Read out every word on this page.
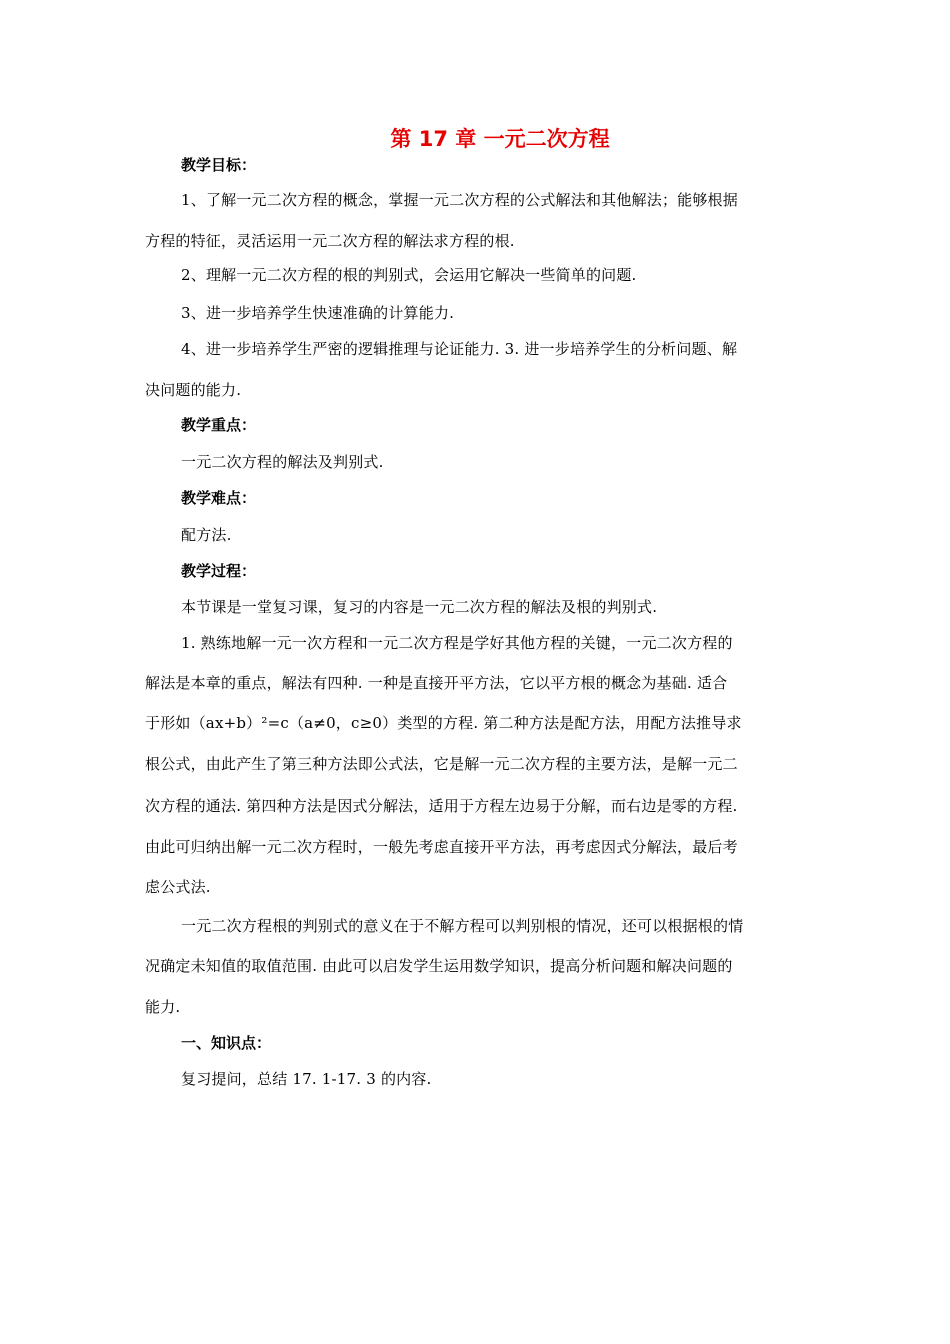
第 17 章 一元二次方程
教学目标：
1、了解一元二次方程的概念，掌握一元二次方程的公式解法和其他解法；能够根据
方程的特征，灵活运用一元二次方程的解法求方程的根.
2、理解一元二次方程的根的判别式，会运用它解决一些简单的问题.
3、进一步培养学生快速准确的计算能力.
4、进一步培养学生严密的逻辑推理与论证能力. 3. 进一步培养学生的分析问题、解
决问题的能力.
教学重点：
一元二次方程的解法及判别式.
教学难点：
配方法.
教学过程：
本节课是一堂复习课，复习的内容是一元二次方程的解法及根的判别式.
1. 熟练地解一元一次方程和一元二次方程是学好其他方程的关键，一元二次方程的
解法是本章的重点，解法有四种. 一种是直接开平方法，它以平方根的概念为基础. 适合
于形如（ax+b）²=c（a≠0，c≥0）类型的方程. 第二种方法是配方法，用配方法推导求
根公式，由此产生了第三种方法即公式法，它是解一元二次方程的主要方法，是解一元二
次方程的通法. 第四种方法是因式分解法，适用于方程左边易于分解，而右边是零的方程.
由此可归纳出解一元二次方程时，一般先考虑直接开平方法，再考虑因式分解法，最后考
虑公式法.
一元二次方程根的判别式的意义在于不解方程可以判别根的情况，还可以根据根的情
况确定未知值的取值范围. 由此可以启发学生运用数学知识，提高分析问题和解决问题的
能力.
一、知识点：
复习提问，总结 17. 1-17. 3 的内容.
